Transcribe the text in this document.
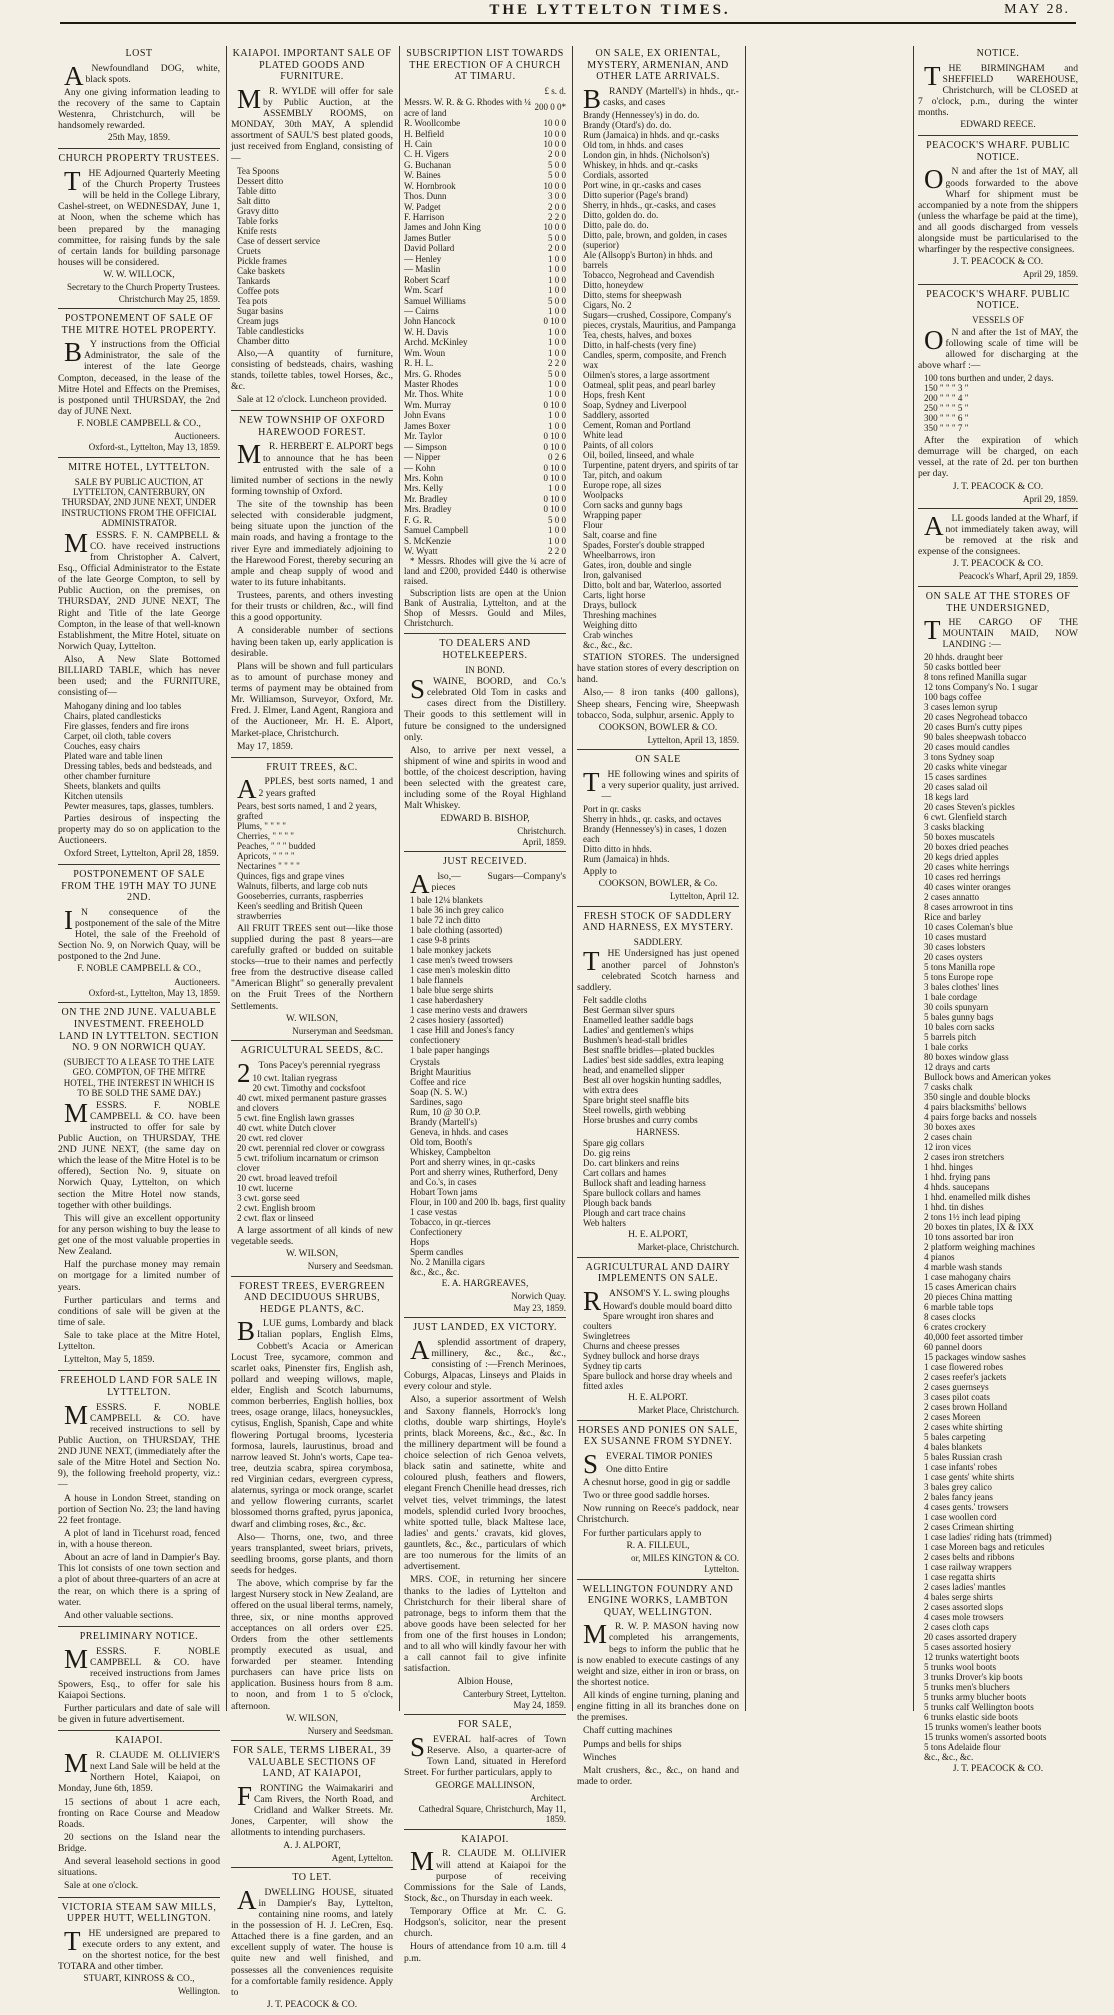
THE LYTTELTON TIMES.	MAY 28.
LOST

ANewfoundland DOG, white, black spots.

Any one giving information leading to the recovery of the same to Captain Westenra, Christchurch, will be handsomely rewarded.

25th May, 1859.
CHURCH PROPERTY TRUSTEES.

THE Adjourned Quarterly Meeting of the Church Property Trustees will be held in the College Library, Cashel-street, on WEDNESDAY, June 1, at Noon, when the scheme which has been prepared by the managing committee, for raising funds by the sale of certain lands for building parsonage houses will be considered.

W. W. WILLOCK,
Secretary to the Church Property Trustees.
Christchurch May 25, 1859.
POSTPONEMENT OF SALE OF THE MITRE HOTEL PROPERTY.

BY instructions from the Official Administrator, the sale of the interest of the late George Compton, deceased, in the lease of the Mitre Hotel and Effects on the Premises, is postponed until THURSDAY, the 2nd day of JUNE Next.

F. NOBLE CAMPBELL & CO.,
Auctioneers.
Oxford-st., Lyttelton, May 13, 1859.
MITRE HOTEL, LYTTELTON.
SALE BY PUBLIC AUCTION, AT LYTTELTON, CANTERBURY, ON THURSDAY, 2ND JUNE NEXT, UNDER INSTRUCTIONS FROM THE OFFICIAL ADMINISTRATOR.

MESSRS. F. N. CAMPBELL & CO. have received instructions from Christopher A. Calvert, Esq., Official Administrator to the Estate of the late George Compton, to sell by Public Auction, on the premises, on THURSDAY, 2ND JUNE NEXT, The Right and Title of the late George Compton, in the lease of that well-known Establishment, the Mitre Hotel, situate on Norwich Quay, Lyttelton.

Also, A New Slate Bottomed BILLIARD TABLE, which has never been used; and the FURNITURE, consisting of—

Mahogany dining and loo tables
Chairs, plated candlesticks
Fire glasses, fenders and fire irons
Carpet, oil cloth, table covers
Couches, easy chairs
Plated ware and table linen
Dressing tables, beds and bedsteads, and other chamber furniture
Sheets, blankets and quilts
Kitchen utensils
Pewter measures, taps, glasses, tumblers.

Parties desirous of inspecting the property may do so on application to the Auctioneers.

Oxford Street, Lyttelton, April 28, 1859.

POSTPONEMENT OF SALE FROM THE 19TH MAY TO JUNE 2ND.

IN consequence of the postponement of the sale of the Mitre Hotel, the sale of the Freehold of Section No. 9, on Norwich Quay, will be postponed to the 2nd June.

F. NOBLE CAMPBELL & CO.,
Auctioneers.
Oxford-st., Lyttelton, May 13, 1859.
ON THE 2ND JUNE. VALUABLE INVESTMENT. FREEHOLD LAND IN LYTTELTON. SECTION NO. 9 ON NORWICH QUAY.
(SUBJECT TO A LEASE TO THE LATE GEO. COMPTON, OF THE MITRE HOTEL, THE INTEREST IN WHICH IS TO BE SOLD THE SAME DAY.)

MESSRS. F. NOBLE CAMPBELL & CO. have been instructed to offer for sale by Public Auction, on THURSDAY, THE 2ND JUNE NEXT, (the same day on which the lease of the Mitre Hotel is to be offered), Section No. 9, situate on Norwich Quay, Lyttelton, on which section the Mitre Hotel now stands, together with other buildings.

This will give an excellent opportunity for any person wishing to buy the lease to get one of the most valuable properties in New Zealand.

Half the purchase money may remain on mortgage for a limited number of years.

Further particulars and terms and conditions of sale will be given at the time of sale.

Sale to take place at the Mitre Hotel, Lyttelton.

Lyttelton, May 5, 1859.

FREEHOLD LAND FOR SALE IN LYTTELTON.

MESSRS. F. NOBLE CAMPBELL & CO. have received instructions to sell by Public Auction, on THURSDAY, THE 2ND JUNE NEXT, (immediately after the sale of the Mitre Hotel and Section No. 9), the following freehold property, viz.:—

A house in London Street, standing on portion of Section No. 23; the land having 22 feet frontage.

A plot of land in Ticehurst road, fenced in, with a house thereon.

About an acre of land in Dampier's Bay. This lot consists of one town section and a plot of about three-quarters of an acre at the rear, on which there is a spring of water.

And other valuable sections.

PRELIMINARY NOTICE.

MESSRS. F. NOBLE CAMPBELL & CO. have received instructions from James Spowers, Esq., to offer for sale his Kaiapoi Sections.

Further particulars and date of sale will be given in future advertisement.

KAIAPOI.

MR. CLAUDE M. OLLIVIER'S next Land Sale will be held at the Northern Hotel, Kaiapoi, on Monday, June 6th, 1859.

15 sections of about 1 acre each, fronting on Race Course and Meadow Roads.

20 sections on the Island near the Bridge.

And several leasehold sections in good situations.

Sale at one o'clock.

VICTORIA STEAM SAW MILLS, UPPER HUTT, WELLINGTON.

THE undersigned are prepared to execute orders to any extent, and on the shortest notice, for the best TOTARA and other timber.

STUART, KINROSS & CO.,
Wellington.
KAIAPOI. IMPORTANT SALE OF PLATED GOODS AND FURNITURE.

MR. WYLDE will offer for sale by Public Auction, at the ASSEMBLY ROOMS, on MONDAY, 30th MAY, A splendid assortment of SAUL'S best plated goods, just received from England, consisting of—

Tea Spoons
Dessert ditto
Table ditto
Salt ditto
Gravy ditto
Table forks
Knife rests
Case of dessert service
Cruets
Pickle frames
Cake baskets
Tankards
Coffee pots
Tea pots
Sugar basins
Cream jugs
Table candlesticks
Chamber ditto

Also,—A quantity of furniture, consisting of bedsteads, chairs, washing stands, toilette tables, towel Horses, &c., &c.

Sale at 12 o'clock. Luncheon provided.

NEW TOWNSHIP OF OXFORD HAREWOOD FOREST.

MR. HERBERT E. ALPORT begs to announce that he has been entrusted with the sale of a limited number of sections in the newly forming township of Oxford.

The site of the township has been selected with considerable judgment, being situate upon the junction of the main roads, and having a frontage to the river Eyre and immediately adjoining to the Harewood Forest, thereby securing an ample and cheap supply of wood and water to its future inhabitants.

Trustees, parents, and others investing for their trusts or children, &c., will find this a good opportunity.

A considerable number of sections having been taken up, early application is desirable.

Plans will be shown and full particulars as to amount of purchase money and terms of payment may be obtained from Mr. Williamson, Surveyor, Oxford, Mr. Fred. J. Elmer, Land Agent, Rangiora and of the Auctioneer, Mr. H. E. Alport, Market-place, Christchurch.

May 17, 1859.

FRUIT TREES, &C.

APPLES, best sorts named, 1 and 2 years grafted

Pears, best sorts named, 1 and 2 years, grafted
Plums, " " " "
Cherries, " " " "
Peaches, " " " budded
Apricots, " " " "
Nectarines " " " "
Quinces, figs and grape vines
Walnuts, filberts, and large cob nuts
Gooseberries, currants, raspberries
Keen's seedling and British Queen strawberries

All FRUIT TREES sent out—like those supplied during the past 8 years—are carefully grafted or budded on suitable stocks—true to their names and perfectly free from the destructive disease called "American Blight" so generally prevalent on the Fruit Trees of the Northern Settlements.

W. WILSON,
Nurseryman and Seedsman.
AGRICULTURAL SEEDS, &C.

2Tons Pacey's perennial ryegrass

10 cwt. Italian ryegrass
20 cwt. Timothy and cocksfoot
40 cwt. mixed permanent pasture grasses and clovers
5 cwt. fine English lawn grasses
40 cwt. white Dutch clover
20 cwt. red clover
20 cwt. perennial red clover or cowgrass
5 cwt. trifolium incarnatum or crimson clover
20 cwt. broad leaved trefoil
10 cwt. lucerne
3 cwt. gorse seed
2 cwt. English broom
2 cwt. flax or linseed

A large assortment of all kinds of new vegetable seeds.

W. WILSON,
Nursery and Seedsman.
FOREST TREES, EVERGREEN AND DECIDUOUS SHRUBS, HEDGE PLANTS, &C.

BLUE gums, Lombardy and black Italian poplars, English Elms, Cobbett's Acacia or American Locust Tree, sycamore, common and scarlet oaks, Pinenster firs, English ash, pollard and weeping willows, maple, elder, English and Scotch laburnums, common berberries, English hollies, box trees, osage orange, lilacs, honeysuckles, cytisus, English, Spanish, Cape and white flowering Portugal brooms, lycesteria formosa, laurels, laurustinus, broad and narrow leaved St. John's worts, Cape tea-tree, deutzia scabra, spirea corymbosa, red Virginian cedars, evergreen cypress, alaternus, syringa or mock orange, scarlet and yellow flowering currants, scarlet blossomed thorns grafted, pyrus japonica, dwarf and climbing roses, &c., &c.

Also— Thorns, one, two, and three years transplanted, sweet briars, privets, seedling brooms, gorse plants, and thorn seeds for hedges.

The above, which comprise by far the largest Nursery stock in New Zealand, are offered on the usual liberal terms, namely, three, six, or nine months approved acceptances on all orders over £25. Orders from the other settlements promptly executed as usual, and forwarded per steamer. Intending purchasers can have price lists on application. Business hours from 8 a.m. to noon, and from 1 to 5 o'clock, afternoon.

W. WILSON,
Nursery and Seedsman.
FOR SALE, TERMS LIBERAL, 39 VALUABLE SECTIONS OF LAND, AT KAIAPOI,

FRONTING the Waimakariri and Cam Rivers, the North Road, and Cridland and Walker Streets. Mr. Jones, Carpenter, will show the allotments to intending purchasers.

A. J. ALPORT,
Agent, Lyttelton.
TO LET.

ADWELLING HOUSE, situated in Dampier's Bay, Lyttelton, containing nine rooms, and lately in the possession of H. J. LeCren, Esq. Attached there is a fine garden, and an excellent supply of water. The house is quite new and well finished, and possesses all the conveniences requisite for a comfortable family residence. Apply to

J. T. PEACOCK & CO.
SUBSCRIPTION LIST TOWARDS THE ERECTION OF A CHURCH AT TIMARU.
£ s. d.
Messrs. W. R. & G. Rhodes with ¼ acre of land	200 0 0*
R. Woollcombe	10 0 0
H. Belfield	10 0 0
H. Cain	10 0 0
C. H. Vigers	2 0 0
G. Buchanan	5 0 0
W. Baines	5 0 0
W. Hornbrook	10 0 0
Thos. Dunn	3 0 0
W. Padget	2 0 0
F. Harrison	2 2 0
James and John King	10 0 0
James Butler	5 0 0
David Pollard	2 0 0
— Henley	1 0 0
— Maslin	1 0 0
Robert Scarf	1 0 0
Wm. Scarf	1 0 0
Samuel Williams	5 0 0
— Cairns	1 0 0
John Hancock	0 10 0
W. H. Davis	1 0 0
Archd. McKinley	1 0 0
Wm. Woun	1 0 0
R. H. L.	2 2 0
Mrs. G. Rhodes	5 0 0
Master Rhodes	1 0 0
Mr. Thos. White	1 0 0
Wm. Murray	0 10 0
John Evans	1 0 0
James Boxer	1 0 0
Mr. Taylor	0 10 0
— Simpson	0 10 0
— Nipper	0 2 6
— Kohn	0 10 0
Mrs. Kohn	0 10 0
Mrs. Kelly	1 0 0
Mr. Bradley	0 10 0
Mrs. Bradley	0 10 0
F. G. R.	5 0 0
Samuel Campbell	1 0 0
S. McKenzie	1 0 0
W. Wyatt	2 2 0

* Messrs. Rhodes will give the ¼ acre of land and £200, provided £440 is otherwise raised.

Subscription lists are open at the Union Bank of Australia, Lyttelton, and at the Shop of Messrs. Gould and Miles, Christchurch.

TO DEALERS AND HOTELKEEPERS.
IN BOND.

SWAINE, BOORD, and Co.'s celebrated Old Tom in casks and cases direct from the Distillery. Their goods to this settlement will in future be consigned to the undersigned only.

Also, to arrive per next vessel, a shipment of wine and spirits in wood and bottle, of the choicest description, having been selected with the greatest care, including some of the Royal Highland Malt Whiskey.

EDWARD B. BISHOP,
Christchurch.
April, 1859.
JUST RECEIVED.

Also,— Sugars—Company's pieces

1 bale 12¼ blankets
1 bale 36 inch grey calico
1 bale 72 inch ditto
1 bale clothing (assorted)
1 case 9-8 prints
1 bale monkey jackets
1 case men's tweed trowsers
1 case men's moleskin ditto
1 bale flannels
1 bale blue serge shirts
1 case haberdashery
1 case merino vests and drawers
2 cases hosiery (assorted)
1 case Hill and Jones's fancy confectionery
1 bale paper hangings
Crystals
Bright Mauritius
Coffee and rice
Soap (N. S. W.)
Sardines, sago
Rum, 10 @ 30 O.P.
Brandy (Martell's)
Geneva, in hhds. and cases
Old tom, Booth's
Whiskey, Campbelton
Port and sherry wines, in qr.-casks
Port and sherry wines, Rutherford, Deny and Co.'s, in cases
Hobart Town jams
Flour, in 100 and 200 lb. bags, first quality
1 case vestas
Tobacco, in qr.-tierces
Confectionery
Hops
Sperm candles
No. 2 Manilla cigars
&c., &c., &c.
E. A. HARGREAVES,
Norwich Quay.
May 23, 1859.
JUST LANDED, EX VICTORY.

Asplendid assortment of drapery, millinery, &c., &c., &c., consisting of :—French Merinoes, Coburgs, Alpacas, Linseys and Plaids in every colour and style.

Also, a superior assortment of Welsh and Saxony flannels, Horrock's long cloths, double warp shirtings, Hoyle's prints, black Moreens, &c., &c., &c. In the millinery department will be found a choice selection of rich Genoa velvets, black satin and satinette, white and coloured plush, feathers and flowers, elegant French Chenille head dresses, rich velvet ties, velvet trimmings, the latest models, splendid curled Ivory brooches, white spotted tulle, black Maltese lace, ladies' and gents.' cravats, kid gloves, gauntlets, &c., &c., particulars of which are too numerous for the limits of an advertisement.

MRS. COE, in returning her sincere thanks to the ladies of Lyttelton and Christchurch for their liberal share of patronage, begs to inform them that the above goods have been selected for her from one of the first houses in London; and to all who will kindly favour her with a call cannot fail to give infinite satisfaction.

Albion House,
Canterbury Street, Lyttelton.
May 24, 1859.
FOR SALE,

SEVERAL half-acres of Town Reserve. Also, a quarter-acre of Town Land, situated in Hereford Street. For further particulars, apply to

GEORGE MALLINSON,
Architect.
Cathedral Square, Christchurch, May 11, 1859.
KAIAPOI.

MR. CLAUDE M. OLLIVIER will attend at Kaiapoi for the purpose of receiving Commissions for the Sale of Lands, Stock, &c., on Thursday in each week.

Temporary Office at Mr. C. G. Hodgson's, solicitor, near the present church.

Hours of attendance from 10 a.m. till 4 p.m.

ON SALE, EX ORIENTAL, MYSTERY, ARMENIAN, AND OTHER LATE ARRIVALS.

BRANDY (Martell's) in hhds., qr.-casks, and cases

Brandy (Hennessey's) in do. do.
Brandy (Otard's) do. do.
Rum (Jamaica) in hhds. and qr.-casks
Old tom, in hhds. and cases
London gin, in hhds. (Nicholson's)
Whiskey, in hhds. and qr.-casks
Cordials, assorted
Port wine, in qr.-casks and cases
Ditto superior (Page's brand)
Sherry, in hhds., qr.-casks, and cases
Ditto, golden do. do.
Ditto, pale do. do.
Ditto, pale, brown, and golden, in cases (superior)
Ale (Allsopp's Burton) in hhds. and barrels
Tobacco, Negrohead and Cavendish
Ditto, honeydew
Ditto, stems for sheepwash
Cigars, No. 2
Sugars—crushed, Cossipore, Company's pieces, crystals, Mauritius, and Pampanga
Tea, chests, halves, and boxes
Ditto, in half-chests (very fine)
Candles, sperm, composite, and French wax
Oilmen's stores, a large assortment
Oatmeal, split peas, and pearl barley
Hops, fresh Kent
Soap, Sydney and Liverpool
Saddlery, assorted
Cement, Roman and Portland
White lead
Paints, of all colors
Oil, boiled, linseed, and whale
Turpentine, patent dryers, and spirits of tar
Tar, pitch, and oakum
Europe rope, all sizes
Woolpacks
Corn sacks and gunny bags
Wrapping paper
Flour
Salt, coarse and fine
Spades, Forster's double strapped
Wheelbarrows, iron
Gates, iron, double and single
Iron, galvanised
Ditto, bolt and bar, Waterloo, assorted
Carts, light horse
Drays, bullock
Threshing machines
Weighing ditto
Crab winches
&c., &c., &c.

STATION STORES. The undersigned have station stores of every description on hand.

Also,— 8 iron tanks (400 gallons), Sheep shears, Fencing wire, Sheepwash tobacco, Soda, sulphur, arsenic. Apply to

COOKSON, BOWLER & CO.
Lyttelton, April 13, 1859.
ON SALE

THE following wines and spirits of a very superior quality, just arrived.—

Port in qr. casks
Sherry in hhds., qr. casks, and octaves
Brandy (Hennessey's) in cases, 1 dozen each
Ditto ditto in hhds.
Rum (Jamaica) in hhds.

Apply to

COOKSON, BOWLER, & Co.
Lyttelton, April 12.
FRESH STOCK OF SADDLERY AND HARNESS, EX MYSTERY.
SADDLERY.

THE Undersigned has just opened another parcel of Johnston's celebrated Scotch harness and saddlery.

Felt saddle cloths
Best German silver spurs
Enamelled leather saddle bags
Ladies' and gentlemen's whips
Bushmen's head-stall bridles
Best snaffle bridles—plated buckles
Ladies' best side saddles, extra leaping head, and enamelled slipper
Best all over hogskin hunting saddles, with extra dees
Spare bright steel snaffle bits
Steel rowells, girth webbing
Horse brushes and curry combs
HARNESS.
Spare gig collars
Do. gig reins
Do. cart blinkers and reins
Cart collars and hames
Bullock shaft and leading harness
Spare bullock collars and hames
Plough back bands
Plough and cart trace chains
Web halters
H. E. ALPORT,
Market-place, Christchurch.
AGRICULTURAL AND DAIRY IMPLEMENTS ON SALE.

RANSOM'S Y. L. swing ploughs

Howard's double mould board ditto
Spare wrought iron shares and coulters
Swingletrees
Churns and cheese presses
Sydney bullock and horse drays
Sydney tip carts
Spare bullock and horse dray wheels and fitted axles
H. E. ALPORT.
Market Place, Christchurch.
HORSES AND PONIES ON SALE, EX SUSANNE FROM SYDNEY.

SEVERAL TIMOR PONIES

One ditto Entire

A chesnut horse, good in gig or saddle

Two or three good saddle horses.

Now running on Reece's paddock, near Christchurch.

For further particulars apply to

R. A. FILLEUL,
or, MILES KINGTON & CO.
Lyttelton.
WELLINGTON FOUNDRY AND ENGINE WORKS, LAMBTON QUAY, WELLINGTON.

MR. W. P. MASON having now completed his arrangements, begs to inform the public that he is now enabled to execute castings of any weight and size, either in iron or brass, on the shortest notice.

All kinds of engine turning, planing and engine fitting in all its branches done on the premises.

Chaff cutting machines

Pumps and bells for ships

Winches

Malt crushers, &c., &c., on hand and made to order.

NOTICE.

THE BIRMINGHAM and SHEFFIELD WAREHOUSE, Christchurch, will be CLOSED at 7 o'clock, p.m., during the winter months.

EDWARD REECE.
PEACOCK'S WHARF. PUBLIC NOTICE.

ON and after the 1st of MAY, all goods forwarded to the above Wharf for shipment must be accompanied by a note from the shippers (unless the wharfage be paid at the time), and all goods discharged from vessels alongside must be particularised to the wharfinger by the respective consignees.

J. T. PEACOCK & CO.
April 29, 1859.
PEACOCK'S WHARF. PUBLIC NOTICE.
VESSELS OF

ON and after the 1st of MAY, the following scale of time will be allowed for discharging at the above wharf :—

100 tons burthen and under, 2 days.
150 " " " 3 "
200 " " " 4 "
250 " " " 5 "
300 " " " 6 "
350 " " " 7 "

After the expiration of which demurrage will be charged, on each vessel, at the rate of 2d. per ton burthen per day.

J. T. PEACOCK & CO.
April 29, 1859.

ALL goods landed at the Wharf, if not immediately taken away, will be removed at the risk and expense of the consignees.

J. T. PEACOCK & CO.
Peacock's Wharf, April 29, 1859.
ON SALE AT THE STORES OF THE UNDERSIGNED,

THE CARGO OF THE MOUNTAIN MAID, NOW LANDING :—

20 hhds. draught beer
50 casks bottled beer
8 tons refined Manilla sugar
12 tons Company's No. 1 sugar
100 bags coffee
3 cases lemon syrup
20 cases Negrohead tobacco
20 cases Burn's cutty pipes
90 bales sheepwash tobacco
20 cases mould candles
3 tons Sydney soap
20 casks white vinegar
15 cases sardines
20 cases salad oil
18 kegs lard
20 cases Steven's pickles
6 cwt. Glenfield starch
3 casks blacking
50 boxes muscatels
20 boxes dried peaches
20 kegs dried apples
20 cases white herrings
10 cases red herrings
40 cases winter oranges
2 cases annatto
8 cases arrowroot in tins
Rice and barley
10 cases Coleman's blue
10 cases mustard
30 cases lobsters
20 cases oysters
5 tons Manilla rope
5 tons Europe rope
3 bales clothes' lines
1 bale cordage
30 coils spunyarn
5 bales gunny bags
10 bales corn sacks
5 barrels pitch
1 bale corks
80 boxes window glass
12 drays and carts
Bullock bows and American yokes
7 casks chalk
350 single and double blocks
4 pairs blacksmiths' bellows
4 pairs forge backs and nossels
30 boxes axes
2 cases chain
12 iron vices
2 cases iron stretchers
1 hhd. hinges
1 hhd. frying pans
4 hhds. saucepans
1 hhd. enamelled milk dishes
1 hhd. tin dishes
2 tons 1½ inch lead piping
20 boxes tin plates, IX & IXX
10 tons assorted bar iron
2 platform weighing machines
4 pianos
4 marble wash stands
1 case mahogany chairs
15 cases American chairs
20 pieces China matting
6 marble table tops
8 cases clocks
6 crates crockery
40,000 feet assorted timber
60 pannel doors
15 packages window sashes
1 case flowered robes
2 cases reefer's jackets
2 cases guernseys
3 cases pilot coats
2 cases brown Holland
2 cases Moreen
2 cases white shirting
5 bales carpeting
4 bales blankets
5 bales Russian crash
1 case infants' robes
1 case gents' white shirts
3 bales grey calico
2 bales fancy jeans
4 cases gents.' trowsers
1 case woollen cord
2 cases Crimean shirting
1 case ladies' riding hats (trimmed)
1 case Moreen bags and reticules
2 cases belts and ribbons
1 case railway wrappers
1 case regatta shirts
2 cases ladies' mantles
4 bales serge shirts
2 cases assorted slops
4 cases mole trowsers
2 cases cloth caps
20 cases assorted drapery
5 cases assorted hosiery
12 trunks watertight boots
5 trunks wool boots
3 trunks Drover's kip boots
5 trunks men's bluchers
5 trunks army blucher boots
5 trunks calf Wellington boots
6 trunks elastic side boots
15 trunks women's leather boots
15 trunks women's assorted boots
5 tons Adelaide flour
&c., &c., &c.
J. T. PEACOCK & CO.
